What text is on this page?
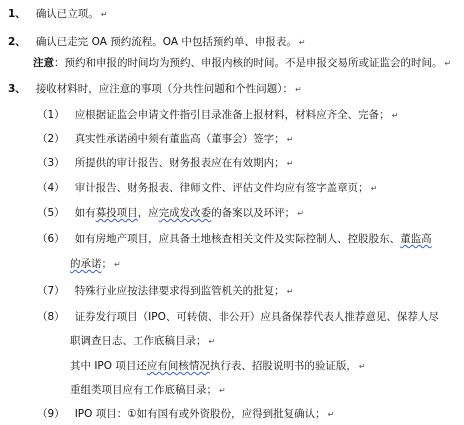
1、 确认已立项。 ↵
2、 确认已走完 OA 预约流程。OA 中包括预约单、申报表。 ↵
注意：预约和申报的时间均为预约、申报内核的时间。不是申报交易所或证监会的时间。 ↵
3、 接收材料时，应注意的事项（分共性问题和个性问题）： ↵
（1） 应根据证监会申请文件指引目录准备上报材料，材料应齐全、完备； ↵
（2） 真实性承诺函中须有董监高（董事会）签字； ↵
（3） 所提供的审计报告、财务报表应在有效期内； ↵
（4） 审计报告、财务报表、律师文件、评估文件均应有签字盖章页； ↵
（5） 如有募投项目，应完成发改委的备案以及环评； ↵
（6） 如有房地产项目，应具备土地核查相关文件及实际控制人、控股股东、董监高
的承诺； ↵
（7） 特殊行业应按法律要求得到监管机关的批复； ↵
（8） 证券发行项目（IPO、可转债、非公开）应具备保荐代表人推荐意见、保荐人尽
职调查日志、工作底稿目录； ↵
其中 IPO 项目还应有间核情况执行表、招股说明书的验证版， ↵
重组类项目应有工作底稿目录； ↵
（9） IPO 项目：①如有国有或外资股份，应得到批复确认； ↵
